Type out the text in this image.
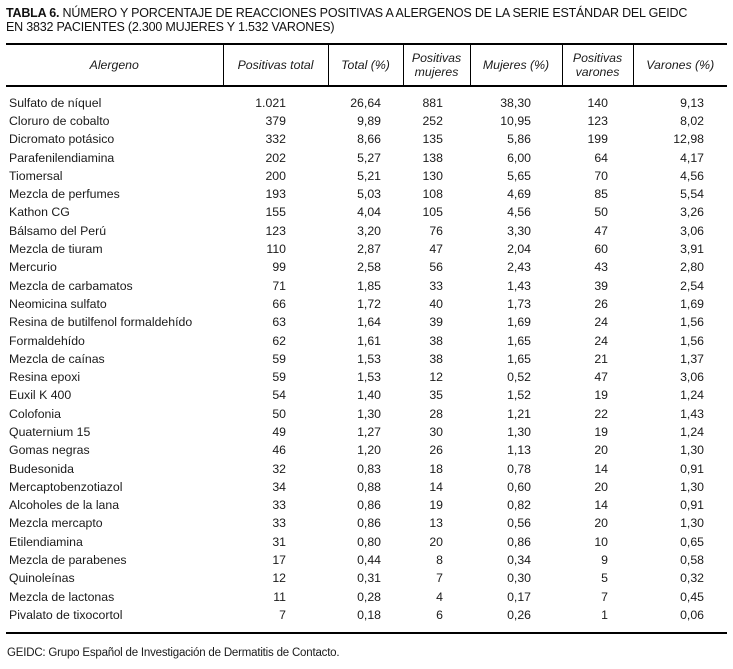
TABLA 6. NÚMERO Y PORCENTAJE DE REACCIONES POSITIVAS A ALERGENOS DE LA SERIE ESTÁNDAR DEL GEIDC
EN 3832 PACIENTES (2.300 MUJERES Y 1.532 VARONES)
Alergeno	Positivas total	Total (%)	Positivas mujeres	Mujeres (%)	Positivas varones	Varones (%)
Sulfato de níquel	1.021	26,64	881	38,30	140	9,13
Cloruro de cobalto	379	9,89	252	10,95	123	8,02
Dicromato potásico	332	8,66	135	5,86	199	12,98
Parafenilendiamina	202	5,27	138	6,00	64	4,17
Tiomersal	200	5,21	130	5,65	70	4,56
Mezcla de perfumes	193	5,03	108	4,69	85	5,54
Kathon CG	155	4,04	105	4,56	50	3,26
Bálsamo del Perú	123	3,20	76	3,30	47	3,06
Mezcla de tiuram	110	2,87	47	2,04	60	3,91
Mercurio	99	2,58	56	2,43	43	2,80
Mezcla de carbamatos	71	1,85	33	1,43	39	2,54
Neomicina sulfato	66	1,72	40	1,73	26	1,69
Resina de butilfenol formaldehído	63	1,64	39	1,69	24	1,56
Formaldehído	62	1,61	38	1,65	24	1,56
Mezcla de caínas	59	1,53	38	1,65	21	1,37
Resina epoxi	59	1,53	12	0,52	47	3,06
Euxil K 400	54	1,40	35	1,52	19	1,24
Colofonia	50	1,30	28	1,21	22	1,43
Quaternium 15	49	1,27	30	1,30	19	1,24
Gomas negras	46	1,20	26	1,13	20	1,30
Budesonida	32	0,83	18	0,78	14	0,91
Mercaptobenzotiazol	34	0,88	14	0,60	20	1,30
Alcoholes de la lana	33	0,86	19	0,82	14	0,91
Mezcla mercapto	33	0,86	13	0,56	20	1,30
Etilendiamina	31	0,80	20	0,86	10	0,65
Mezcla de parabenes	17	0,44	8	0,34	9	0,58
Quinoleínas	12	0,31	7	0,30	5	0,32
Mezcla de lactonas	11	0,28	4	0,17	7	0,45
Pivalato de tixocortol	7	0,18	6	0,26	1	0,06
GEIDC: Grupo Español de Investigación de Dermatitis de Contacto.
